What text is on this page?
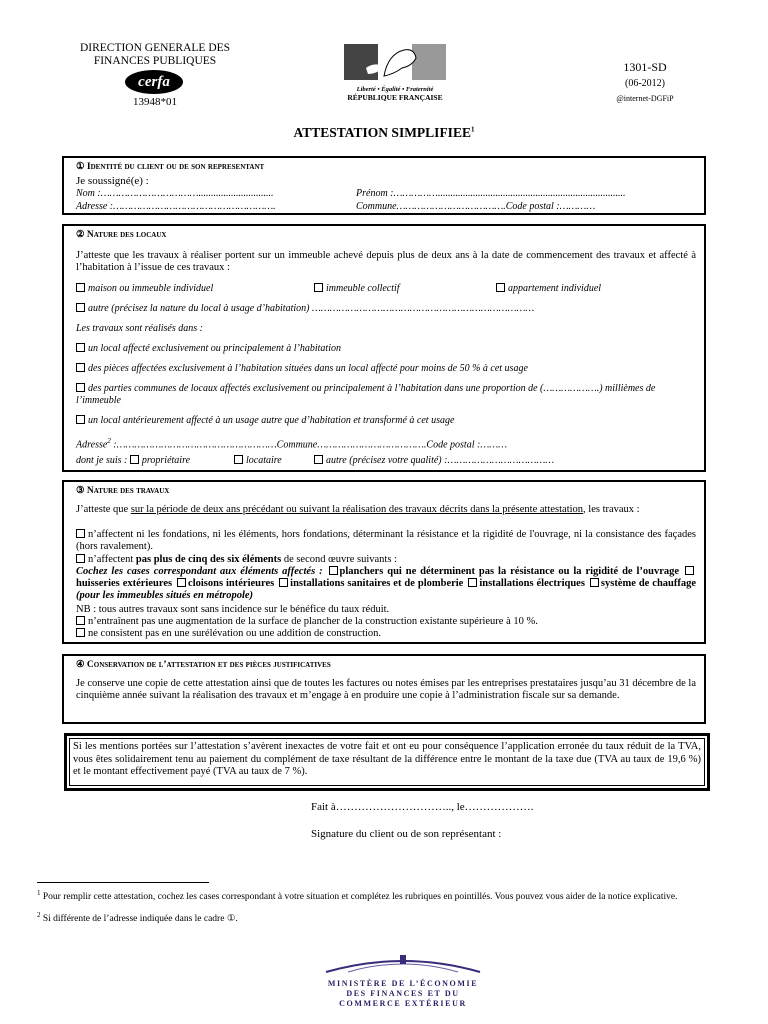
DIRECTION GENERALE DES
FINANCES PUBLIQUES
cerfa
13948*01
Liberté • Égalité • Fraternité
RÉPUBLIQUE FRANÇAISE
1301-SD
(06-2012)
@internet-DGFiP
ATTESTATION SIMPLIFIEE$^1$
① Identité du client ou de son representant
Je soussigné(e) :
Nom :……………………………..............................	Prénom :……………...........................................................................
Adresse :……………………………………………….	Commune……………………………….Code postal :…………
② Nature des locaux
J’atteste que les travaux à réaliser portent sur un immeuble achevé depuis plus de deux ans à la date de commencement des travaux et affecté à l’habitation à l’issue de ces travaux :
maison ou immeuble individuel	immeuble collectif	appartement individuel
autre (précisez la nature du local à usage d’habitation) …………………………………………………………………
Les travaux sont réalisés dans :
un local affecté exclusivement ou principalement à l’habitation
des pièces affectées exclusivement à l’habitation situées dans un local affecté pour moins de 50 % à cet usage
des parties communes de locaux affectés exclusivement ou principalement à l’habitation dans une proportion de (……………….) millièmes de l’immeuble
un local antérieurement affecté à un usage autre que d’habitation et transformé à cet usage
Adresse$^2$ :………………………………………………Commune……………………………….Code postal :………
dont je suis : propriétaire	locataire	autre (précisez votre qualité) :………………………………
③ Nature des travaux
J’atteste que sur la période de deux ans précédant ou suivant la réalisation des travaux décrits dans la présente attestation, les travaux :
n’affectent ni les fondations, ni les éléments, hors fondations, déterminant la résistance et la rigidité de l'ouvrage, ni la consistance des façades (hors ravalement).
n’affectent pas plus de cinq des six éléments de second œuvre suivants :
Cochez les cases correspondant aux éléments affectés : planchers qui ne déterminent pas la résistance ou la rigidité de l’ouvrage huisseries extérieures cloisons intérieures installations sanitaires et de plomberie installations électriques système de chauffage (pour les immeubles situés en métropole)
NB : tous autres travaux sont sans incidence sur le bénéfice du taux réduit.
n’entraînent pas une augmentation de la surface de plancher de la construction existante supérieure à 10 %.
ne consistent pas en une surélévation ou une addition de construction.
④ Conservation de l’attestation et des pièces justificatives
Je conserve une copie de cette attestation ainsi que de toutes les factures ou notes émises par les entreprises prestataires jusqu’au 31 décembre de la cinquième année suivant la réalisation des travaux et m’engage à en produire une copie à l’administration fiscale sur sa demande.
Si les mentions portées sur l’attestation s’avèrent inexactes de votre fait et ont eu pour conséquence l’application erronée du taux réduit de la TVA, vous êtes solidairement tenu au paiement du complément de taxe résultant de la différence entre le montant de la taxe due (TVA au taux de 19,6 %) et le montant effectivement payé (TVA au taux de 7 %).
Fait à………………………….., le……………….
Signature du client ou de son représentant :
$^1$ Pour remplir cette attestation, cochez les cases correspondant à votre situation et complétez les rubriques en pointillés. Vous pouvez vous aider de la notice explicative.
$^2$ Si différente de l’adresse indiquée dans le cadre ①.
MINISTÈRE DE L’ÉCONOMIE
DES FINANCES ET DU
COMMERCE EXTÉRIEUR
